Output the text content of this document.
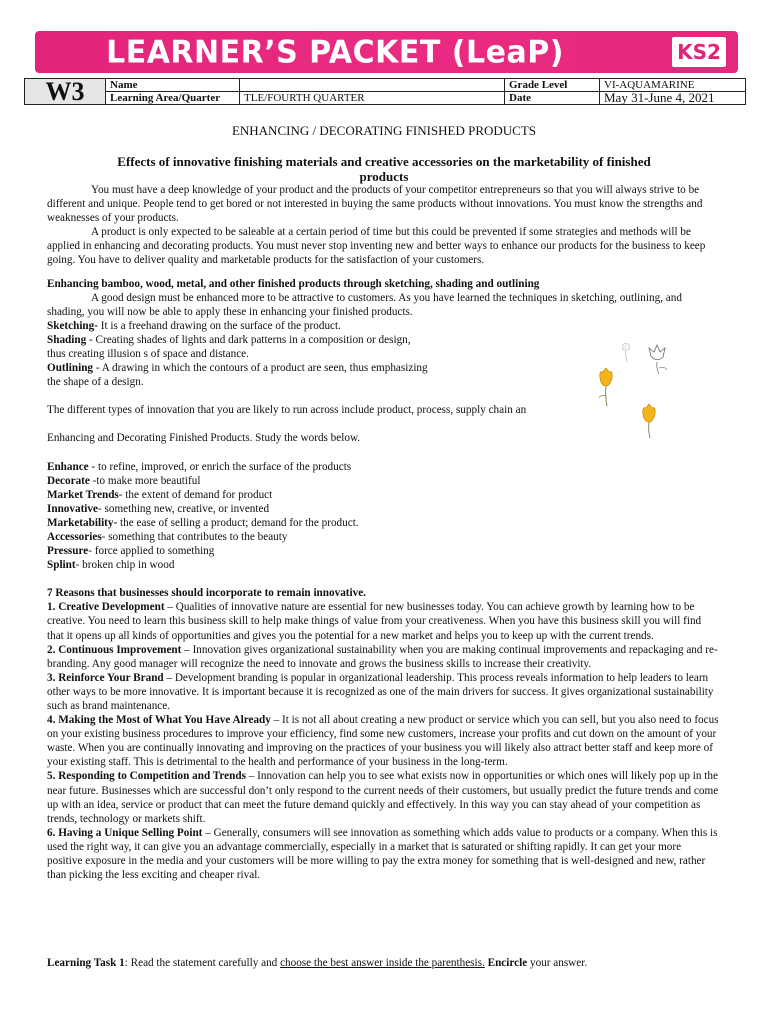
LEARNER’S PACKET (LeaP)	KS2
W3	Name		Grade Level	VI-AQUAMARINE
	Learning Area/Quarter	TLE/FOURTH QUARTER	Date	May 31-June 4, 2021
ENHANCING / DECORATING FINISHED PRODUCTS
Effects of innovative finishing materials and creative accessories on the marketability of finished products

You must have a deep knowledge of your product and the products of your competitor entrepreneurs so that you will always strive to be different and unique. People tend to get bored or not interested in buying the same products without innovations. You must know the strengths and weaknesses of your products.

A product is only expected to be saleable at a certain period of time but this could be prevented if some strategies and methods will be applied in enhancing and decorating products. You must never stop inventing new and better ways to enhance our products for the business to keep going. You have to deliver quality and marketable products for the satisfaction of your customers.

Enhancing bamboo, wood, metal, and other finished products through sketching, shading and outlining

A good design must be enhanced more to be attractive to customers. As you have learned the techniques in sketching, outlining, and shading, you will now be able to apply these in enhancing your finished products.

Sketching- It is a freehand drawing on the surface of the product.

Shading - Creating shades of lights and dark patterns in a composition or design,

thus creating illusion s of space and distance.

Outlining - A drawing in which the contours of a product are seen, thus emphasizing

the shape of a design.

The different types of innovation that you are likely to run across include product, process, supply chain an

Enhancing and Decorating Finished Products. Study the words below.

Enhance - to refine, improved, or enrich the surface of the products

Decorate -to make more beautiful

Market Trends- the extent of demand for product

Innovative- something new, creative, or invented

Marketability- the ease of selling a product; demand for the product.

Accessories- something that contributes to the beauty

Pressure- force applied to something

Splint- broken chip in wood

7 Reasons that businesses should incorporate to remain innovative.

1. Creative Development – Qualities of innovative nature are essential for new businesses today. You can achieve growth by learning how to be creative. You need to learn this business skill to help make things of value from your creativeness. When you have this business skill you will find that it opens up all kinds of opportunities and gives you the potential for a new market and helps you to keep up with the current trends.

2. Continuous Improvement – Innovation gives organizational sustainability when you are making continual improvements and repackaging and re-branding. Any good manager will recognize the need to innovate and grows the business skills to increase their creativity.

3. Reinforce Your Brand – Development branding is popular in organizational leadership. This process reveals information to help leaders to learn other ways to be more innovative. It is important because it is recognized as one of the main drivers for success. It gives organizational sustainability such as brand maintenance.

4. Making the Most of What You Have Already – It is not all about creating a new product or service which you can sell, but you also need to focus on your existing business procedures to improve your efficiency, find some new customers, increase your profits and cut down on the amount of your waste. When you are continually innovating and improving on the practices of your business you will likely also attract better staff and keep more of your existing staff. This is detrimental to the health and performance of your business in the long-term.

5. Responding to Competition and Trends – Innovation can help you to see what exists now in opportunities or which ones will likely pop up in the near future. Businesses which are successful don’t only respond to the current needs of their customers, but usually predict the future trends and come up with an idea, service or product that can meet the future demand quickly and effectively. In this way you can stay ahead of your competition as trends, technology or markets shift.

6. Having a Unique Selling Point – Generally, consumers will see innovation as something which adds value to products or a company. When this is used the right way, it can give you an advantage commercially, especially in a market that is saturated or shifting rapidly. It can get your more positive exposure in the media and your customers will be more willing to pay the extra money for something that is well-designed and new, rather than picking the less exciting and cheaper rival.

Learning Task 1: Read the statement carefully and choose the best answer inside the parenthesis. Encircle your answer.
